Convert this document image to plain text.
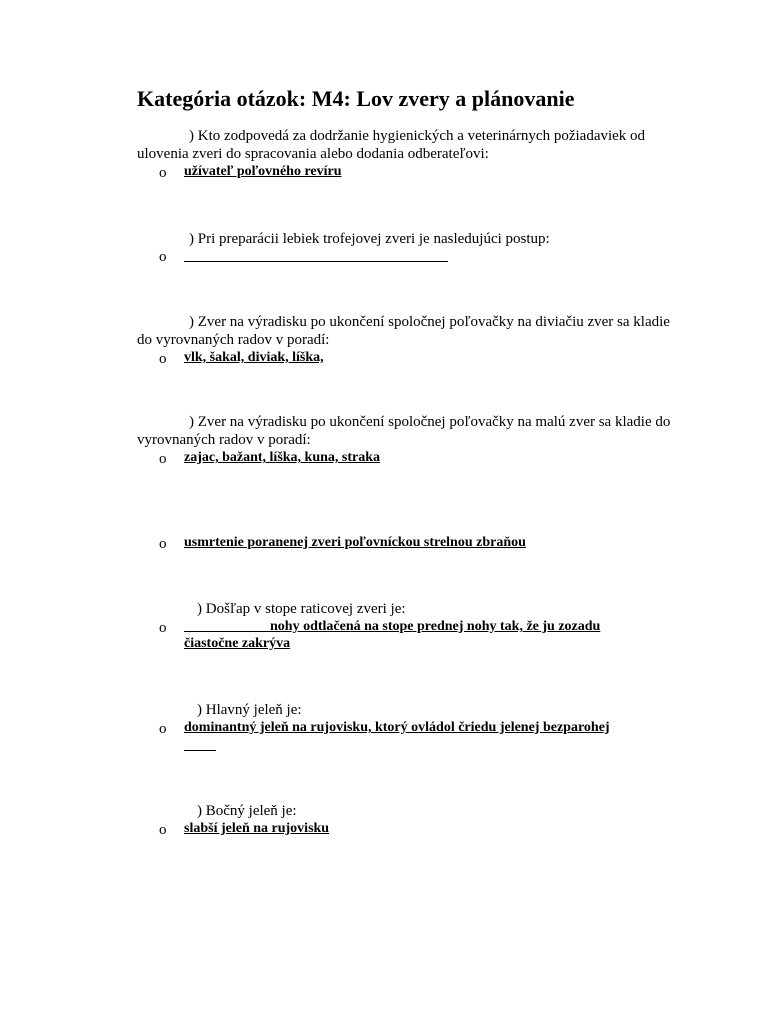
Kategória otázok: M4: Lov zvery a plánovanie
) Kto zodpovedá za dodržanie hygienických a veterinárnych požiadaviek od ulovenia zveri do spracovania alebo dodania odberateľovi:
o užívateľ poľovného revíru
) Pri preparácii lebiek trofejovej zveri je nasledujúci postup:
o
) Zver na výradisku po ukončení spoločnej poľovačky na diviačiu zver sa kladie do vyrovnaných radov v poradí:
o vlk, šakal, diviak, líška,
) Zver na výradisku po ukončení spoločnej poľovačky na malú zver sa kladie do vyrovnaných radov v poradí:
o zajac, bažant, líška, kuna, straka
o usmrtenie poranenej zveri poľovníckou strelnou zbraňou
) Došľap v stope raticovej zveri je:
o	nohy odtlačená na stope prednej nohy tak, že ju zozadu čiastočne zakrýva
) Hlavný jeleň je:
o dominantný jeleň na rujovisku, ktorý ovládol čriedu jelenej bezparohej
) Bočný jeleň je:
o slabší jeleň na rujovisku
